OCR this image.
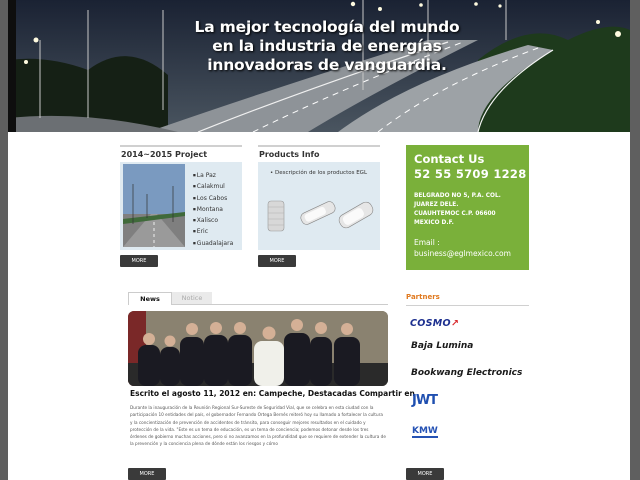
La mejor tecnología del mundo en la industria de energías innovadoras de vanguardia.
2014~2015 Project
■ La Paz
■ Calakmul
■ Los Cabos
■ Montana
■ Xalisco
■ Eric
■ Guadalajara
MORE
Products Info
• Descripción de los productos EGL
MORE
Contact Us
52 55 5709 1228
BELGRADO NO 5, P.A. COL.
JUAREZ DELE.
CUAUHTEMOC C.P. 06600
MEXICO D.F.
Email :
business@eglmexico.com
News	Notice
Escrito el agosto 11, 2012 en: Campeche, Destacadas Compartir en
Durante la inauguración de la Reunión Regional Sur-Sureste de Seguridad Vial, que se celebra en esta ciudad con la participación 10 entidades del país, el gobernador Fernando Ortega Bernés reiteró hoy su llamado a fortalecer la cultura y la concientización de prevención de accidentes de tránsito, para conseguir mejores resultados en el cuidado y protección de la vida. "Este es un tema de educación, es un tema de conciencia; podemos detonar desde los tres órdenes de gobierno muchas acciones, pero si no avanzamos en la profundidad que se requiere de extender la cultura de la prevención y la conciencia plena de dónde están los riesgos y cómo
MORE
Partners
COSMO↗
Baja Lumina
Bookwang Electronics
JWT
KMW
MORE
